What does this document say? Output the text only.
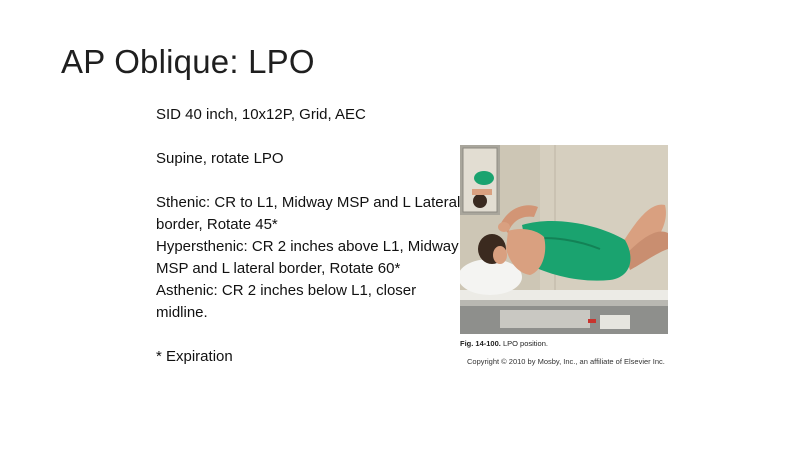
AP Oblique: LPO

SID 40 inch, 10x12P, Grid, AEC

Supine, rotate LPO

Sthenic: CR to L1, Midway MSP and L Lateral border, Rotate 45*

Hypersthenic: CR 2 inches above L1, Midway MSP and L lateral border, Rotate 60*

Asthenic: CR 2 inches below L1, closer midline.

* Expiration

Fig. 14-100. LPO position.
Copyright © 2010 by Mosby, Inc., an affiliate of Elsevier Inc.
